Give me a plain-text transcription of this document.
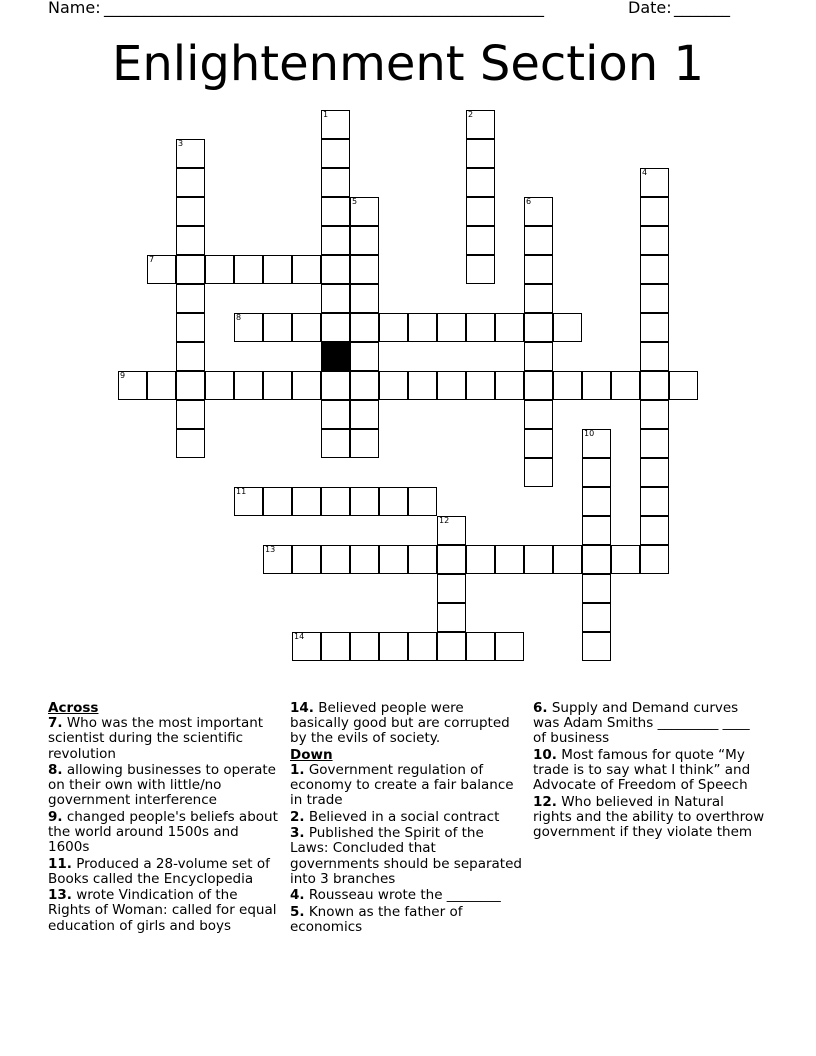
Name: _______________________________________________________	Date: _______
Enlightenment Section 1
1	2
3
4
5	6
7
8
9
10
11
12
13
14
Across
7. Who was the most important scientist during the scientific revolution
8. allowing businesses to operate on their own with little/no government interference
9. changed people's beliefs about the world around 1500s and 1600s
11. Produced a 28-volume set of Books called the Encyclopedia
13. wrote Vindication of the Rights of Woman: called for equal education of girls and boys
14. Believed people were basically good but are corrupted by the evils of society.
Down
1. Government regulation of economy to create a fair balance in trade
2. Believed in a social contract
3. Published the Spirit of the Laws: Concluded that governments should be separated into 3 branches
4. Rousseau wrote the ________
5. Known as the father of economics
6. Supply and Demand curves was Adam Smiths _________ ____ of business
10. Most famous for quote “My trade is to say what I think” and Advocate of Freedom of Speech
12. Who believed in Natural rights and the ability to overthrow government if they violate them
